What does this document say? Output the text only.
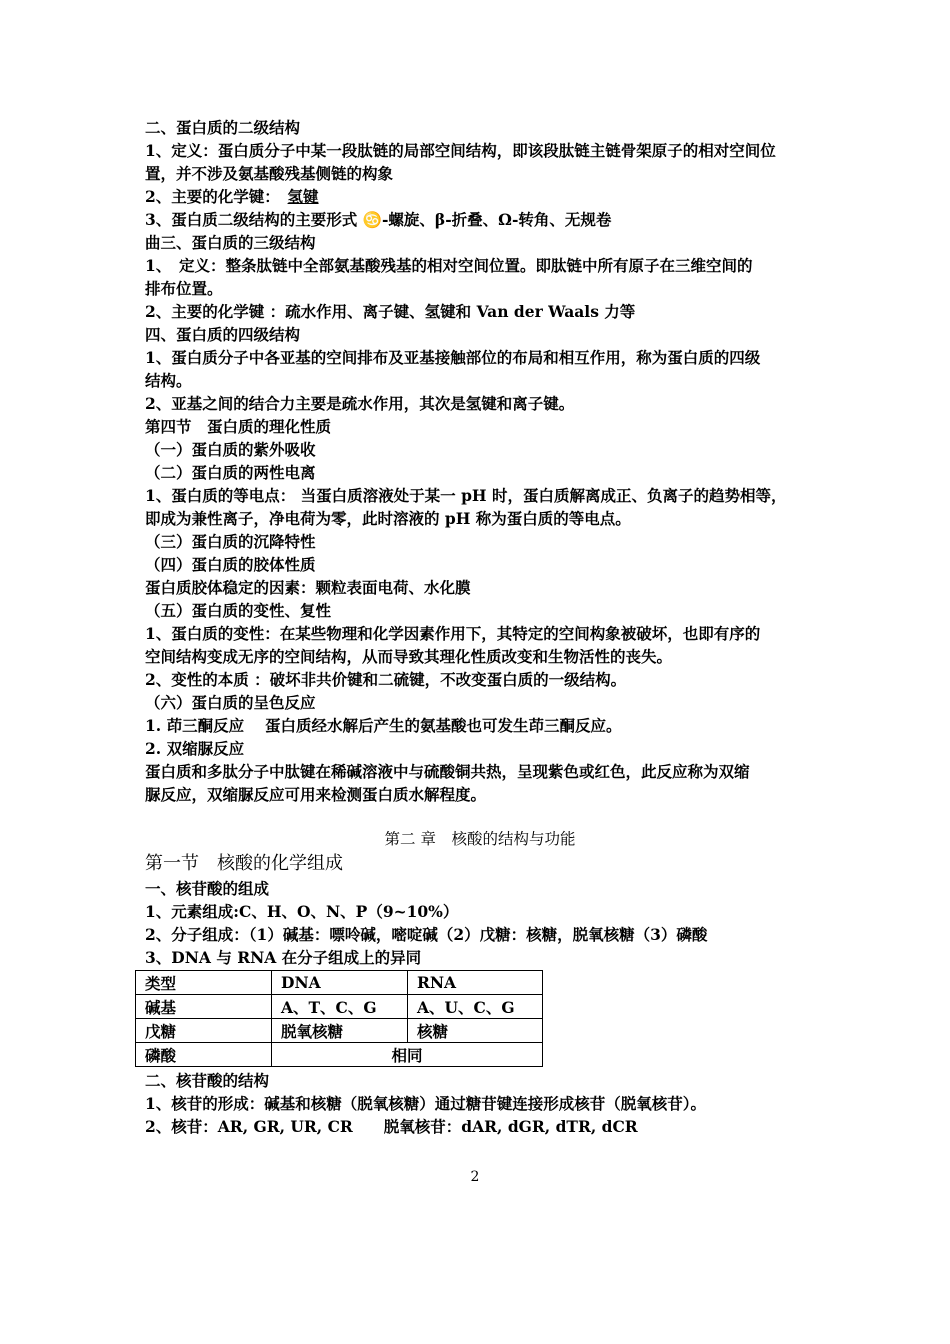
二、蛋白质的二级结构
1、定义：蛋白质分子中某一段肽链的局部空间结构，即该段肽链主链骨架原子的相对空间位
置，并不涉及氨基酸残基侧链的构象
2、主要的化学键：　氢键
3、蛋白质二级结构的主要形式 ♋-螺旋、β-折叠、Ω-转角、无规卷
曲三、蛋白质的三级结构
1、　定义：整条肽链中全部氨基酸残基的相对空间位置。即肽链中所有原子在三维空间的
排布位置。
2、主要的化学键 ：疏水作用、离子键、氢键和 Van der Waals 力等
四、蛋白质的四级结构
1、蛋白质分子中各亚基的空间排布及亚基接触部位的布局和相互作用，称为蛋白质的四级
结构。
2、亚基之间的结合力主要是疏水作用，其次是氢键和离子键。
第四节　蛋白质的理化性质
（一）蛋白质的紫外吸收
（二）蛋白质的两性电离
1、蛋白质的等电点： 当蛋白质溶液处于某一 pH 时，蛋白质解离成正、负离子的趋势相等，
即成为兼性离子，净电荷为零，此时溶液的 pH 称为蛋白质的等电点。
（三）蛋白质的沉降特性
（四）蛋白质的胶体性质
蛋白质胶体稳定的因素：颗粒表面电荷、水化膜
（五）蛋白质的变性、复性
1、蛋白质的变性：在某些物理和化学因素作用下，其特定的空间构象被破坏，也即有序的
空间结构变成无序的空间结构，从而导致其理化性质改变和生物活性的丧失。
2、变性的本质 ：破坏非共价键和二硫键，不改变蛋白质的一级结构。
（六）蛋白质的呈色反应
1. 茚三酮反应　 蛋白质经水解后产生的氨基酸也可发生茚三酮反应。
2. 双缩脲反应
蛋白质和多肽分子中肽键在稀碱溶液中与硫酸铜共热，呈现紫色或红色，此反应称为双缩
脲反应，双缩脲反应可用来检测蛋白质水解程度。
第二 章　核酸的结构与功能
第一节　核酸的化学组成
一、核苷酸的组成
1、元素组成:C、H、O、N、P（9~10%）
2、分子组成：（1）碱基：嘌呤碱，嘧啶碱（2）戊糖：核糖，脱氧核糖（3）磷酸
3、DNA 与 RNA 在分子组成上的异同
类型	DNA	RNA
碱基	A、T、C、G	A、U、C、G
戊糖	脱氧核糖	核糖
磷酸	相同	
二、核苷酸的结构
1、核苷的形成：碱基和核糖（脱氧核糖）通过糖苷键连接形成核苷（脱氧核苷）。
2、核苷：AR, GR, UR, CR　　脱氧核苷：dAR, dGR, dTR, dCR
2
